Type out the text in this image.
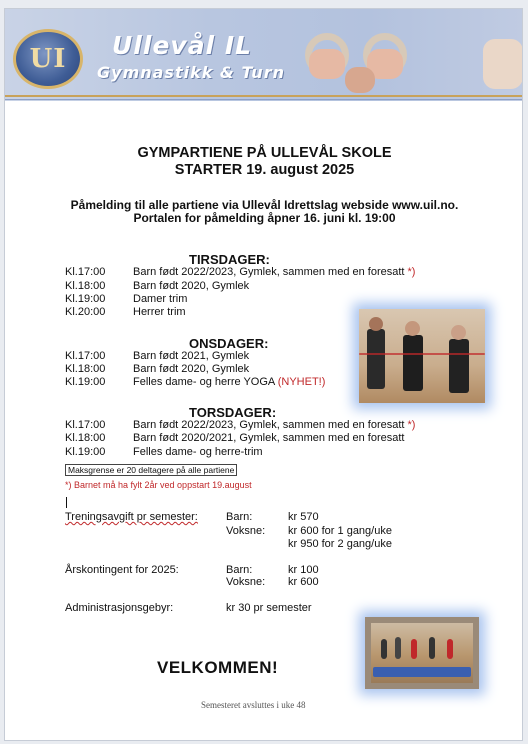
UI Ullevål IL
Gymnastikk & Turn
GYMPARTIENE PÅ ULLEVÅL SKOLE
STARTER 19. august 2025
Påmelding til alle partiene via Ullevål Idrettslag webside www.uil.no.
Portalen for påmelding åpner 16. juni kl. 19:00
TIRSDAGER:
Kl.17:00	Barn født 2022/2023, Gymlek, sammen med en foresatt *)
Kl.18:00	Barn født 2020, Gymlek
Kl.19:00	Damer trim
Kl.20:00	Herrer trim
ONSDAGER:
Kl.17:00	Barn født 2021, Gymlek
Kl.18:00	Barn født 2020, Gymlek
Kl.19:00	Felles dame- og herre YOGA (NYHET!)
TORSDAGER:
Kl.17:00	Barn født 2022/2023, Gymlek, sammen med en foresatt *)
Kl.18:00	Barn født 2020/2021, Gymlek, sammen med en foresatt
Kl.19:00	Felles dame- og herre-trim
Maksgrense er 20 deltagere på alle partiene
*) Barnet må ha fylt 2år ved oppstart 19.august
Treningsavgift pr semester:	Barn:	kr 570
Voksne: kr 600 for 1 gang/uke
kr 950 for 2 gang/uke
Årskontingent for 2025:	Barn:	kr 100
Voksne: kr 600
Administrasjonsgebyr:	kr 30 pr semester
VELKOMMEN!
Semesteret avsluttes i uke 48
